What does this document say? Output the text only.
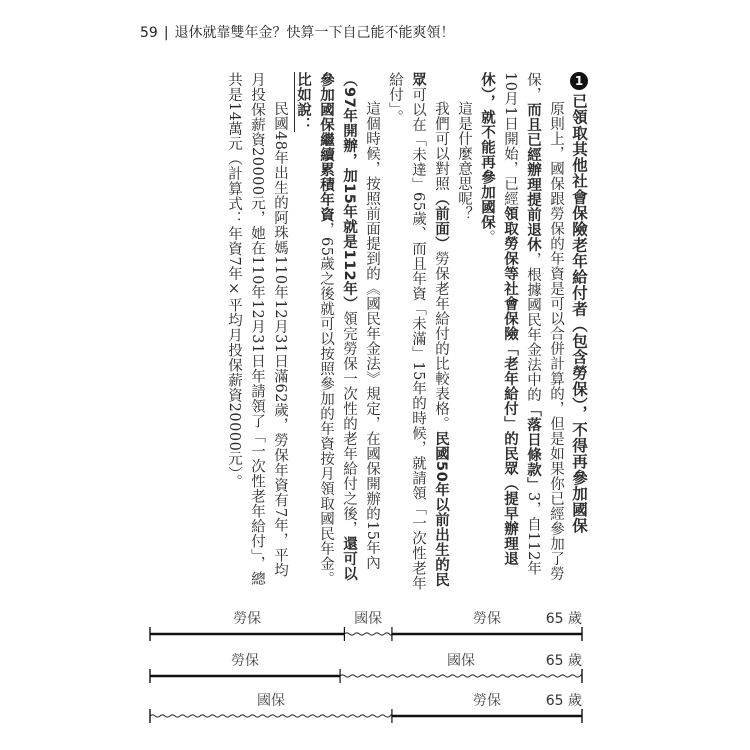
59 | 退休就靠雙年金？快算一下自己能不能爽領！
1已領取其他社會保險老年給付者（包含勞保），不得再參加國保

原則上，國保跟勞保的年資是可以合併計算的，但是如果你已經參加了勞保，而且已經辦理提前退休，根據國民年金法中的「落日條款」3，自112年10月1日開始，已經領取勞保等社會保險「老年給付」的民眾（提早辦理退休），就不能再參加國保。

這是什麼意思呢？

我們可以對照（前面）勞保老年給付的比較表格。民國50年以前出生的民眾可以在「未達」65歲、而且年資「未滿」15年的時候，就請領「一次性老年給付」。

這個時候，按照前面提到的《國民年金法》規定，在國保開辦的15年內（97年開辦，加15年就是112年）領完勞保一次性的老年給付之後，還可以參加國保繼續累積年資，65歲之後就可以按照參加的年資按月領取國民年金。

比如說：

民國48年出生的阿珠媽110年12月31日滿62歲，勞保年資有7年，平均月投保薪資20000元，她在110年12月31日年請領了「一次性老年給付」，總共是14萬元（計算式：年資7年×平均月投保薪資20000元）。

勞保	國保	勞保	65 歲
勞保	國保	65 歲
國保	勞保	65 歲
